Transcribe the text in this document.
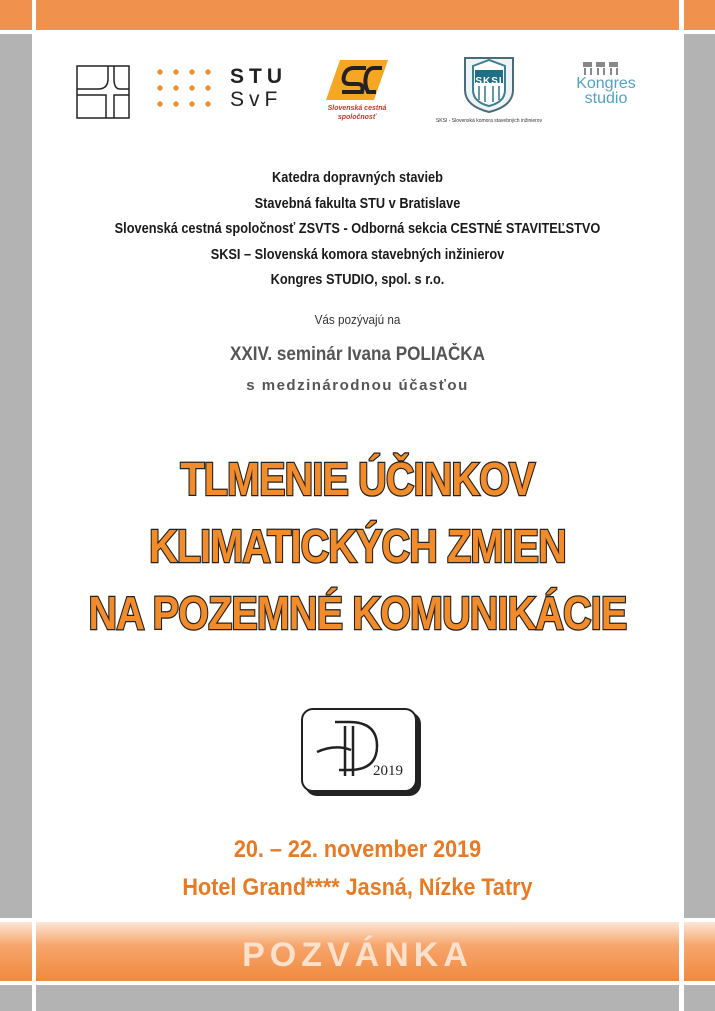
STU
SvF	Slovenská cestná spoločnosť
SKSI
SKSI - Slovenská komora stavebných inžinierov
Kongres
studio
Katedra dopravných stavieb
Stavebná fakulta STU v Bratislave
Slovenská cestná spoločnosť ZSVTS - Odborná sekcia CESTNÉ STAVITEĽSTVO
SKSI – Slovenská komora stavebných inžinierov
Kongres STUDIO, spol. s r.o.
Vás pozývajú na
XXIV. seminár Ivana POLIAČKA
s medzinárodnou účasťou
TLMENIE ÚČINKOV
KLIMATICKÝCH ZMIEN
NA POZEMNÉ KOMUNIKÁCIE
2019
20. – 22. november 2019
Hotel Grand**** Jasná, Nízke Tatry
POZVÁNKA
